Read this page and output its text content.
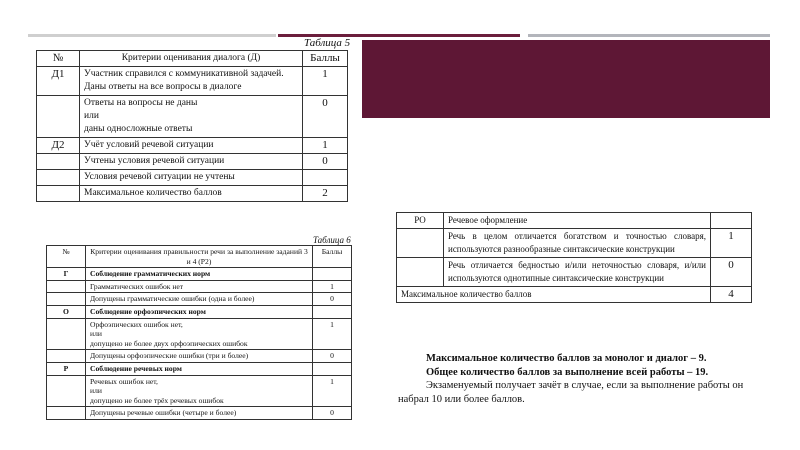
Таблица 5
№	Критерии оценивания диалога (Д)	Баллы
Д1	Участник справился с коммуникативной задачей.
Даны ответы на все вопросы в диалоге	1

	Ответы на вопросы не даны
или
даны односложные ответы	0
Д2	Учёт условий речевой ситуации	1

	Учтены условия речевой ситуации	0

	Условия речевой ситуации не учтены	

	Максимальное количество баллов	2
Таблица 6
№	Критерии оценивания правильности речи за выполнение заданий 3 и 4 (Р2)	Баллы
Г	Соблюдение грамматических норм	

	Грамматических ошибок нет	1

	Допущены грамматические ошибки (одна и более)	0
О	Соблюдение орфоэпических норм	

	Орфоэпических ошибок нет,
или
допущено не более двух орфоэпических ошибок	1

	Допущены орфоэпические ошибки (три и более)	0
Р	Соблюдение речевых норм	

	Речевых ошибок нет,
или
допущено не более трёх речевых ошибок	1

	Допущены речевые ошибки (четыре и более)	0
РО	Речевое оформление	
	Речь в целом отличается богатством и точностью словаря, используются разнообразные синтаксические конструкции	1
	Речь отличается бедностью и/или неточностью словаря, и/или используются однотипные синтаксические конструкции	0
Максимальное количество баллов		4

Максимальное количество баллов за монолог и диалог – 9.

Общее количество баллов за выполнение всей работы – 19.

Экзаменуемый получает зачёт в случае, если за выполнение работы он набрал 10 или более баллов.
